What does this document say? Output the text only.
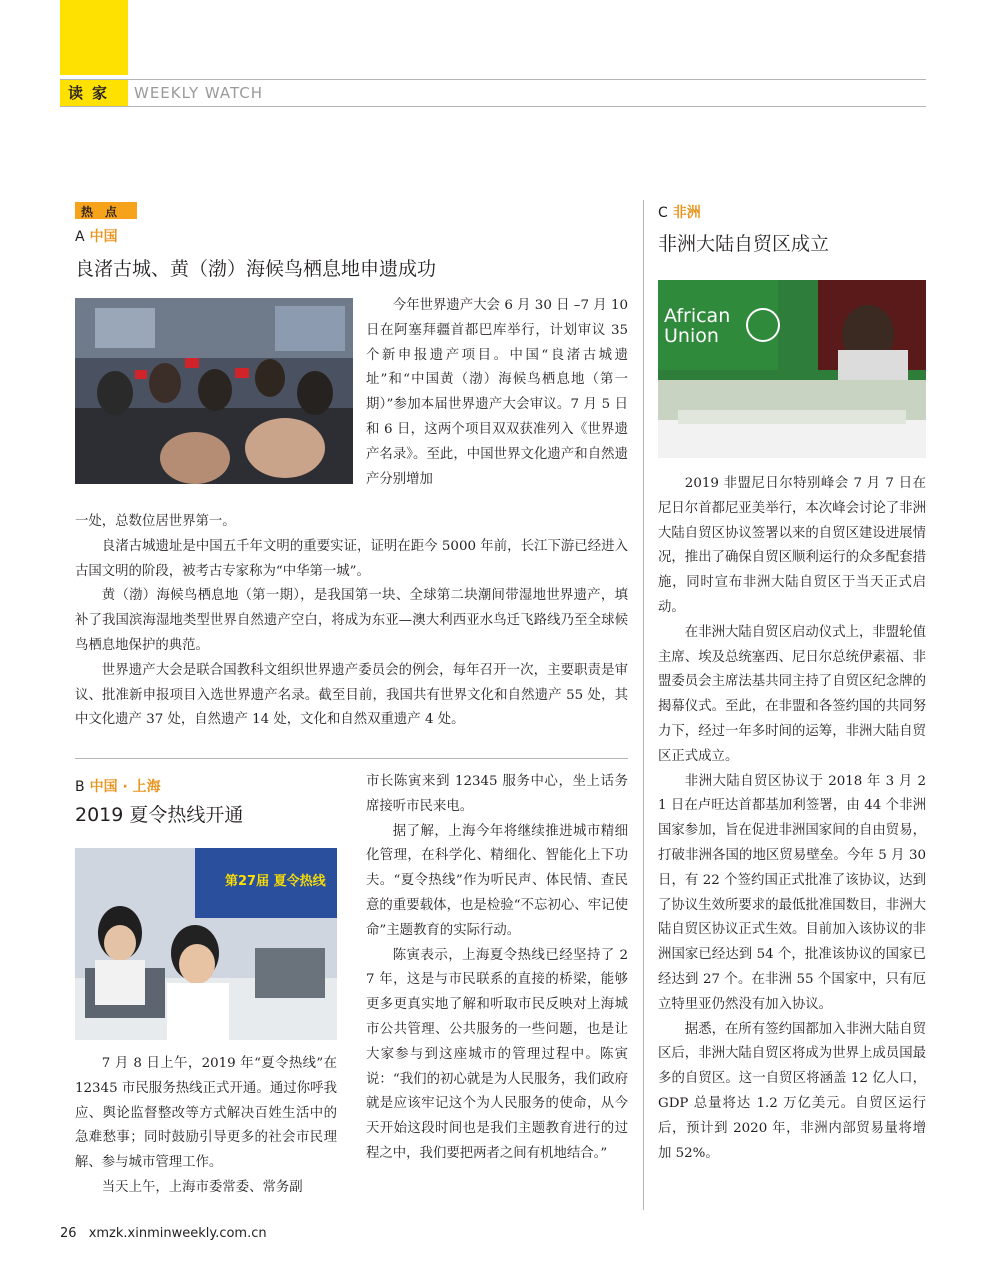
读家	WEEKLY WATCH
热点
A 中国
良渚古城、黄（渤）海候鸟栖息地申遗成功

今年世界遗产大会 6 月 30 日 –7 月 10 日在阿塞拜疆首都巴库举行，计划审议 35 个新申报遗产项目。中国“良渚古城遗址”和“中国黄（渤）海候鸟栖息地（第一期）”参加本届世界遗产大会审议。7 月 5 日和 6 日，这两个项目双双获准列入《世界遗产名录》。至此，中国世界文化遗产和自然遗产分别增加

一处，总数位居世界第一。

良渚古城遗址是中国五千年文明的重要实证，证明在距今 5000 年前，长江下游已经进入古国文明的阶段，被考古专家称为“中华第一城”。

黄（渤）海候鸟栖息地（第一期），是我国第一块、全球第二块潮间带湿地世界遗产，填补了我国滨海湿地类型世界自然遗产空白，将成为东亚—澳大利西亚水鸟迁飞路线乃至全球候鸟栖息地保护的典范。

世界遗产大会是联合国教科文组织世界遗产委员会的例会，每年召开一次，主要职责是审议、批准新申报项目入选世界遗产名录。截至目前，我国共有世界文化和自然遗产 55 处，其中文化遗产 37 处，自然遗产 14 处，文化和自然双重遗产 4 处。

B 中国 · 上海
2019 夏令热线开通
第27届 夏令热线

7 月 8 日上午，2019 年“夏令热线”在 12345 市民服务热线正式开通。通过你呼我应、舆论监督整改等方式解决百姓生活中的急难愁事；同时鼓励引导更多的社会市民理解、参与城市管理工作。

当天上午，上海市委常委、常务副

市长陈寅来到 12345 服务中心，坐上话务席接听市民来电。

据了解，上海今年将继续推进城市精细化管理，在科学化、精细化、智能化上下功夫。“夏令热线”作为听民声、体民情、查民意的重要载体，也是检验“不忘初心、牢记使命”主题教育的实际行动。

陈寅表示，上海夏令热线已经坚持了 27 年，这是与市民联系的直接的桥梁，能够更多更真实地了解和听取市民反映对上海城市公共管理、公共服务的一些问题，也是让大家参与到这座城市的管理过程中。陈寅说：“我们的初心就是为人民服务，我们政府就是应该牢记这个为人民服务的使命，从今天开始这段时间也是我们主题教育进行的过程之中，我们要把两者之间有机地结合。”

C 非洲
非洲大陆自贸区成立
African
Union

2019 非盟尼日尔特别峰会 7 月 7 日在尼日尔首都尼亚美举行，本次峰会讨论了非洲大陆自贸区协议签署以来的自贸区建设进展情况，推出了确保自贸区顺利运行的众多配套措施，同时宣布非洲大陆自贸区于当天正式启动。

在非洲大陆自贸区启动仪式上，非盟轮值主席、埃及总统塞西、尼日尔总统伊素福、非盟委员会主席法基共同主持了自贸区纪念牌的揭幕仪式。至此，在非盟和各签约国的共同努力下，经过一年多时间的运筹，非洲大陆自贸区正式成立。

非洲大陆自贸区协议于 2018 年 3 月 21 日在卢旺达首都基加利签署，由 44 个非洲国家参加，旨在促进非洲国家间的自由贸易，打破非洲各国的地区贸易壁垒。今年 5 月 30 日，有 22 个签约国正式批准了该协议，达到了协议生效所要求的最低批准国数目，非洲大陆自贸区协议正式生效。目前加入该协议的非洲国家已经达到 54 个，批准该协议的国家已经达到 27 个。在非洲 55 个国家中，只有厄立特里亚仍然没有加入协议。

据悉，在所有签约国都加入非洲大陆自贸区后，非洲大陆自贸区将成为世界上成员国最多的自贸区。这一自贸区将涵盖 12 亿人口，GDP 总量将达 1.2 万亿美元。自贸区运行后，预计到 2020 年，非洲内部贸易量将增加 52%。

26 xmzk.xinminweekly.com.cn
